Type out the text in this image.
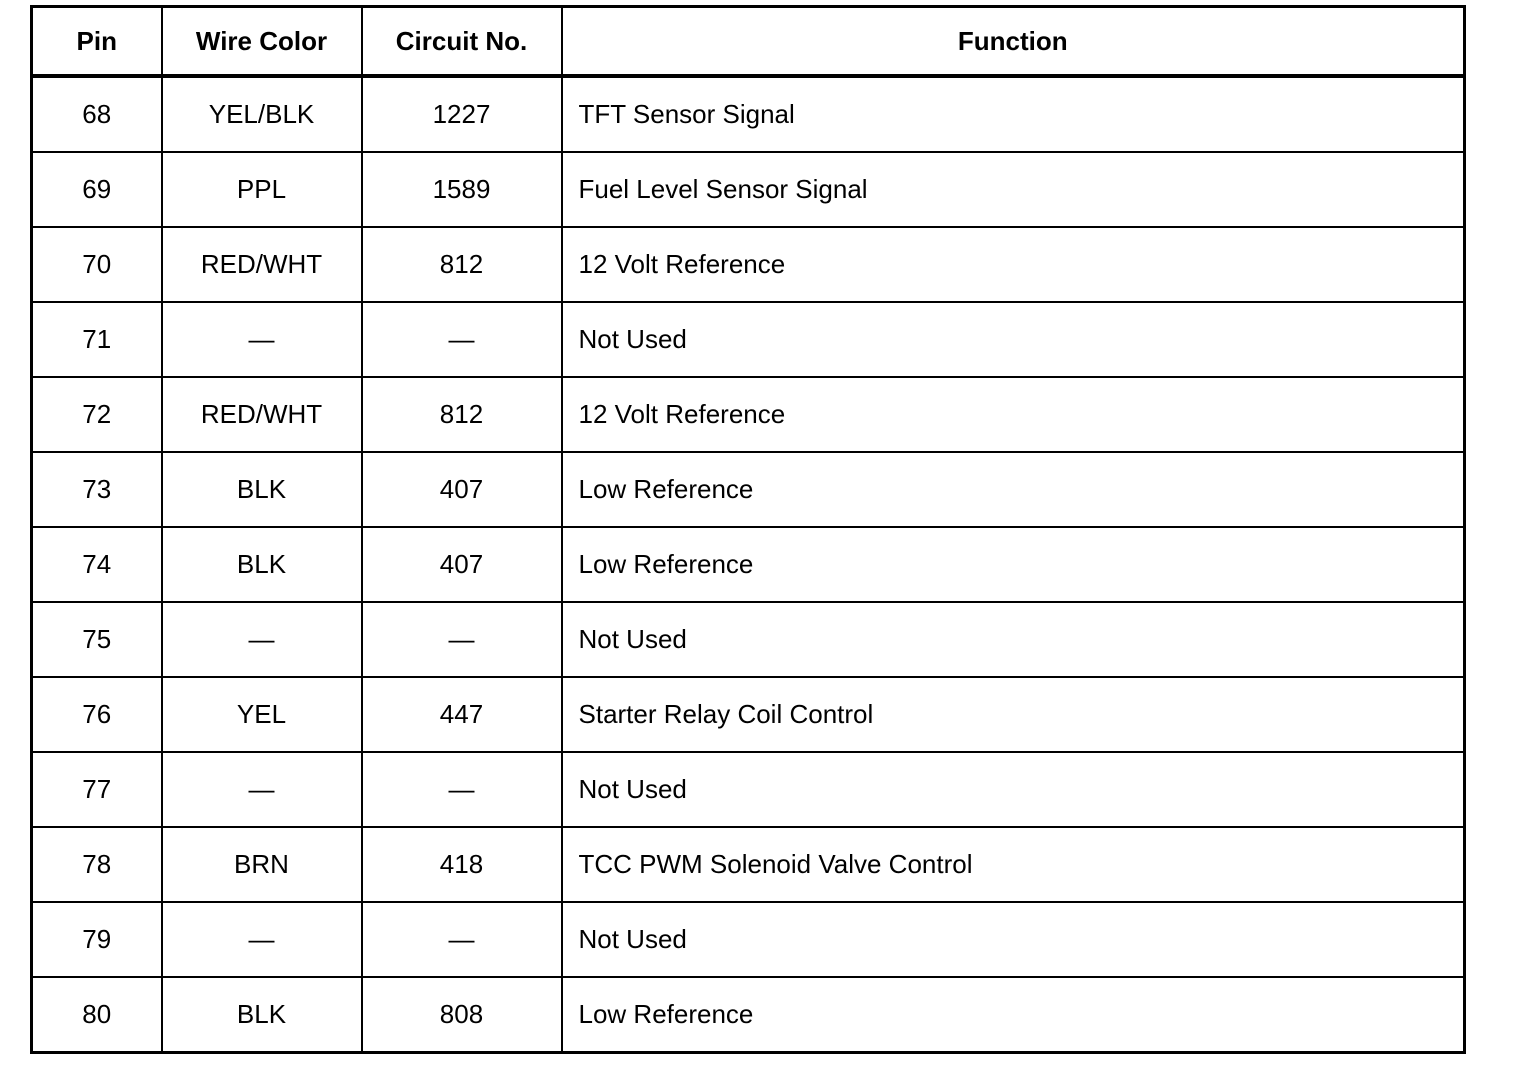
Pin	Wire Color	Circuit No.	Function
68	YEL/BLK	1227	TFT Sensor Signal
69	PPL	1589	Fuel Level Sensor Signal
70	RED/WHT	812	12 Volt Reference
71	—	—	Not Used
72	RED/WHT	812	12 Volt Reference
73	BLK	407	Low Reference
74	BLK	407	Low Reference
75	—	—	Not Used
76	YEL	447	Starter Relay Coil Control
77	—	—	Not Used
78	BRN	418	TCC PWM Solenoid Valve Control
79	—	—	Not Used
80	BLK	808	Low Reference
